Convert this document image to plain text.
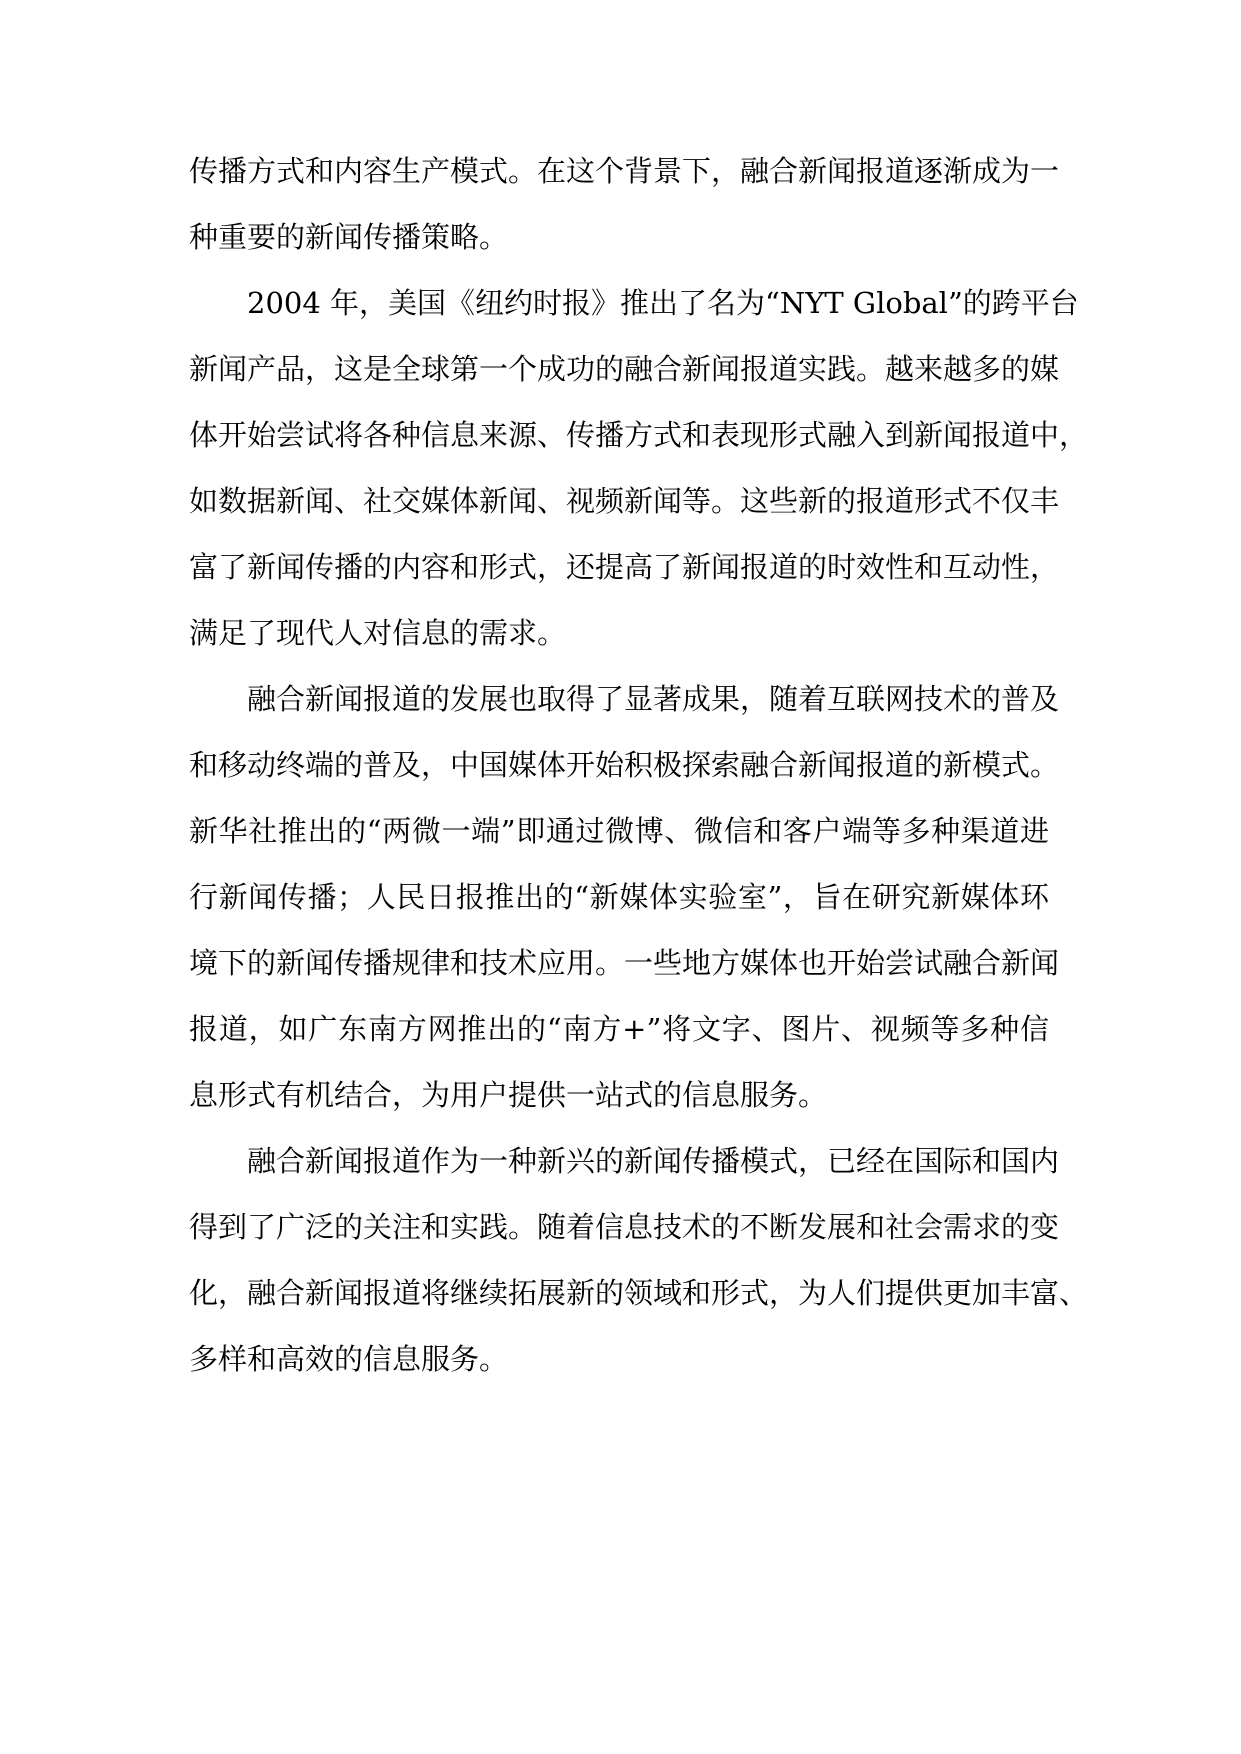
传播方式和内容生产模式。在这个背景下，融合新闻报道逐渐成为一
种重要的新闻传播策略。
2004 年，美国《纽约时报》推出了名为“NYT Global”的跨平台
新闻产品，这是全球第一个成功的融合新闻报道实践。越来越多的媒
体开始尝试将各种信息来源、传播方式和表现形式融入到新闻报道中，
如数据新闻、社交媒体新闻、视频新闻等。这些新的报道形式不仅丰
富了新闻传播的内容和形式，还提高了新闻报道的时效性和互动性，
满足了现代人对信息的需求。
融合新闻报道的发展也取得了显著成果，随着互联网技术的普及
和移动终端的普及，中国媒体开始积极探索融合新闻报道的新模式。
新华社推出的“两微一端”即通过微博、微信和客户端等多种渠道进
行新闻传播；人民日报推出的“新媒体实验室”，旨在研究新媒体环
境下的新闻传播规律和技术应用。一些地方媒体也开始尝试融合新闻
报道，如广东南方网推出的“南方+”将文字、图片、视频等多种信
息形式有机结合，为用户提供一站式的信息服务。
融合新闻报道作为一种新兴的新闻传播模式，已经在国际和国内
得到了广泛的关注和实践。随着信息技术的不断发展和社会需求的变
化，融合新闻报道将继续拓展新的领域和形式，为人们提供更加丰富、
多样和高效的信息服务。
